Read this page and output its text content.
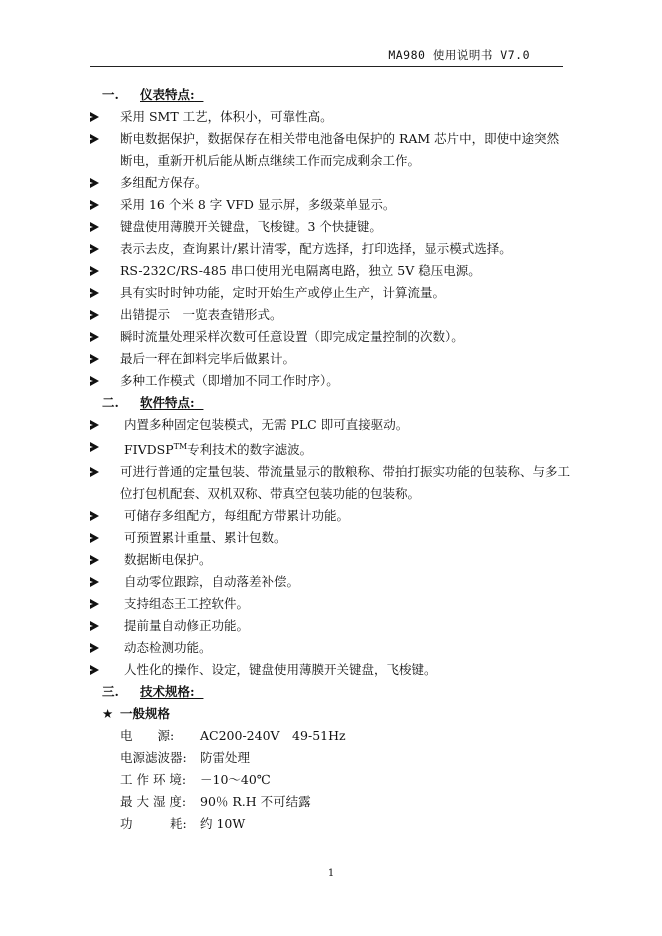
MA980 使用说明书 V7.0
一. 仪表特点:
采用 SMT 工艺，体积小，可靠性高。
断电数据保护，数据保存在相关带电池备电保护的 RAM 芯片中，即使中途突然断电，重新开机后能从断点继续工作而完成剩余工作。
多组配方保存。
采用 16 个米 8 字 VFD 显示屏，多级菜单显示。
键盘使用薄膜开关键盘，飞梭键。3 个快捷键。
表示去皮，查询累计/累计清零，配方选择，打印选择，显示模式选择。
RS-232C/RS-485 串口使用光电隔离电路，独立 5V 稳压电源。
具有实时时钟功能，定时开始生产或停止生产，计算流量。
出错提示　一览表查错形式。
瞬时流量处理采样次数可任意设置（即完成定量控制的次数）。
最后一秤在卸料完毕后做累计。
多种工作模式（即增加不同工作时序）。
二. 软件特点:
内置多种固定包装模式，无需 PLC 即可直接驱动。
FIVDSP™专利技术的数字滤波。
可进行普通的定量包装、带流量显示的散粮称、带拍打振实功能的包装称、与多工位打包机配套、双机双称、带真空包装功能的包装称。
可储存多组配方，每组配方带累计功能。
可预置累计重量、累计包数。
数据断电保护。
自动零位跟踪，自动落差补偿。
支持组态王工控软件。
提前量自动修正功能。
动态检测功能。
人性化的操作、设定，键盘使用薄膜开关键盘，飞梭键。
三. 技术规格:
★ 一般规格
电　　源: AC200-240V　49-51Hz
电源滤波器: 防雷处理
工 作 环 境: －10～40℃
最 大 湿 度: 90％ R.H 不可结露
功　　　耗: 约 10W
1
